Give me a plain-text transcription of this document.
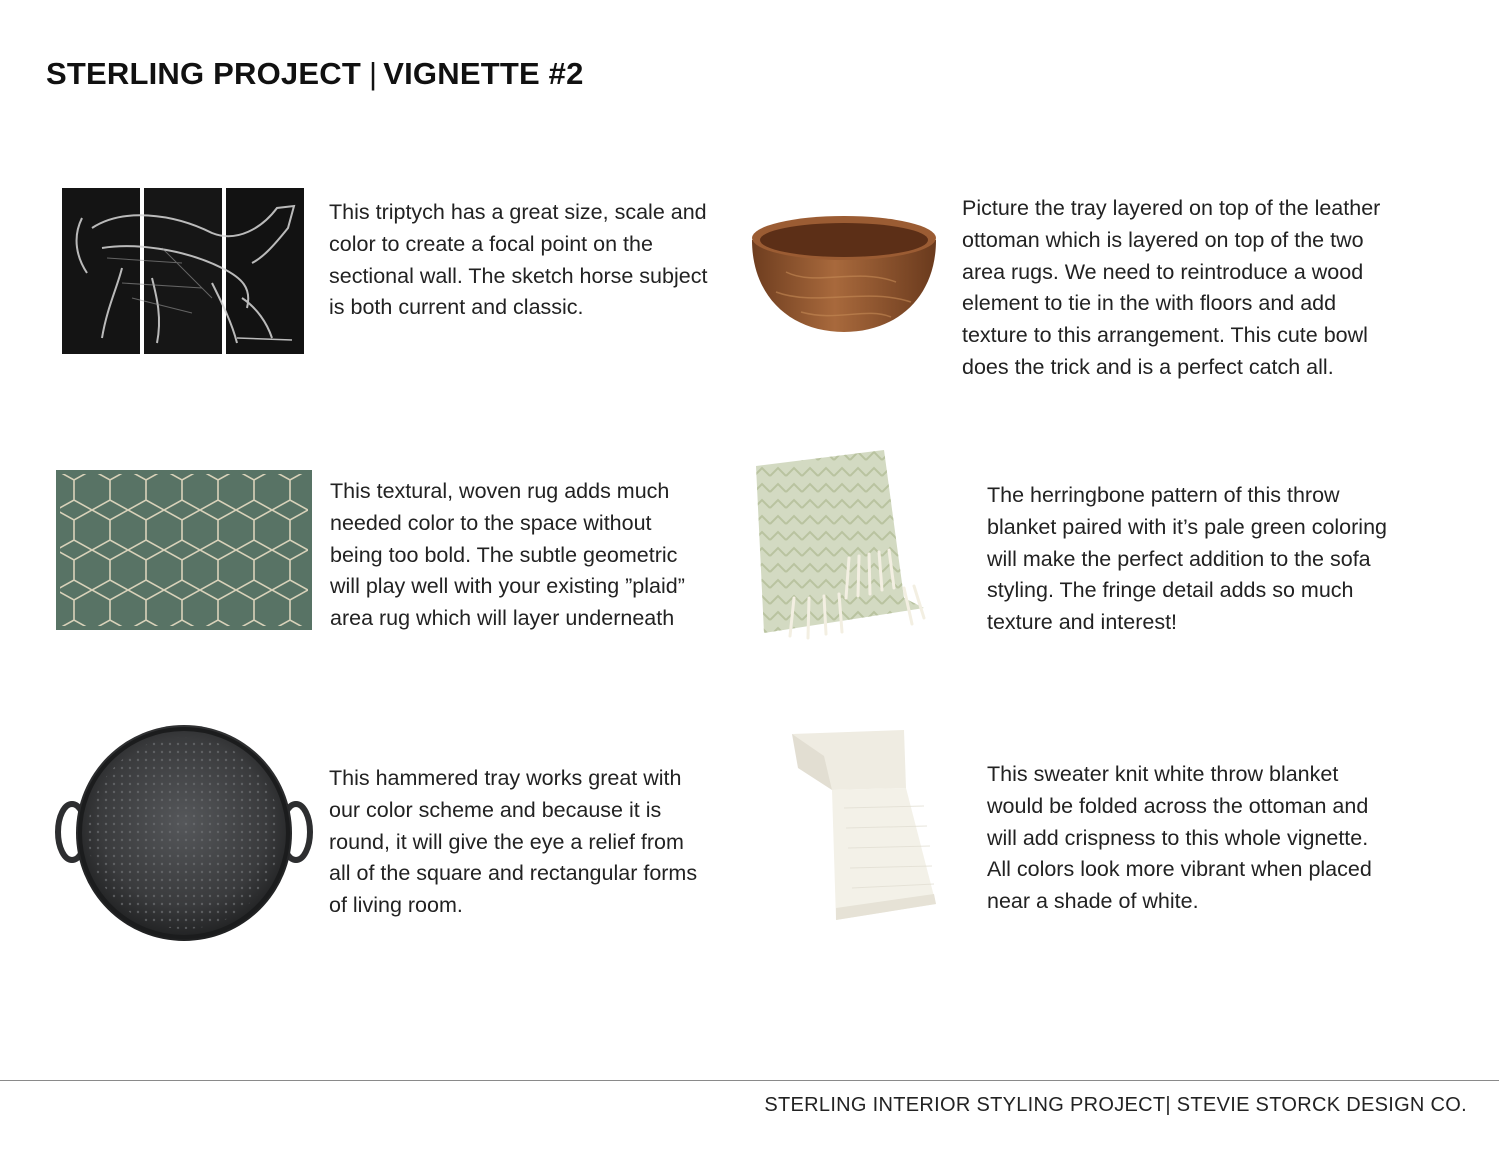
STERLING PROJECT | VIGNETTE #2

This triptych has a great size, scale and
color to create a focal point on the
sectional wall. The sketch horse subject
is both current and classic.

Picture the tray layered on top of the leather
ottoman which is layered on top of the two
area rugs. We need to reintroduce a wood
element to tie in the with floors and add
texture to this arrangement. This cute bowl
does the trick and is a perfect catch all.

This textural, woven rug adds much
needed color to the space without
being too bold. The subtle geometric
will play well with your existing ”plaid”
area rug which will layer underneath

The herringbone pattern of this throw
blanket paired with it’s pale green coloring
will make the perfect addition to the sofa
styling. The fringe detail adds so much
texture and interest!

This hammered tray works great with
our color scheme and because it is
round, it will give the eye a relief from
all of the square and rectangular forms
of living room.

This sweater knit white throw blanket
would be folded across the ottoman and
will add crispness to this whole vignette.
All colors look more vibrant when placed
near a shade of white.

STERLING INTERIOR STYLING PROJECT| STEVIE STORCK DESIGN CO.
